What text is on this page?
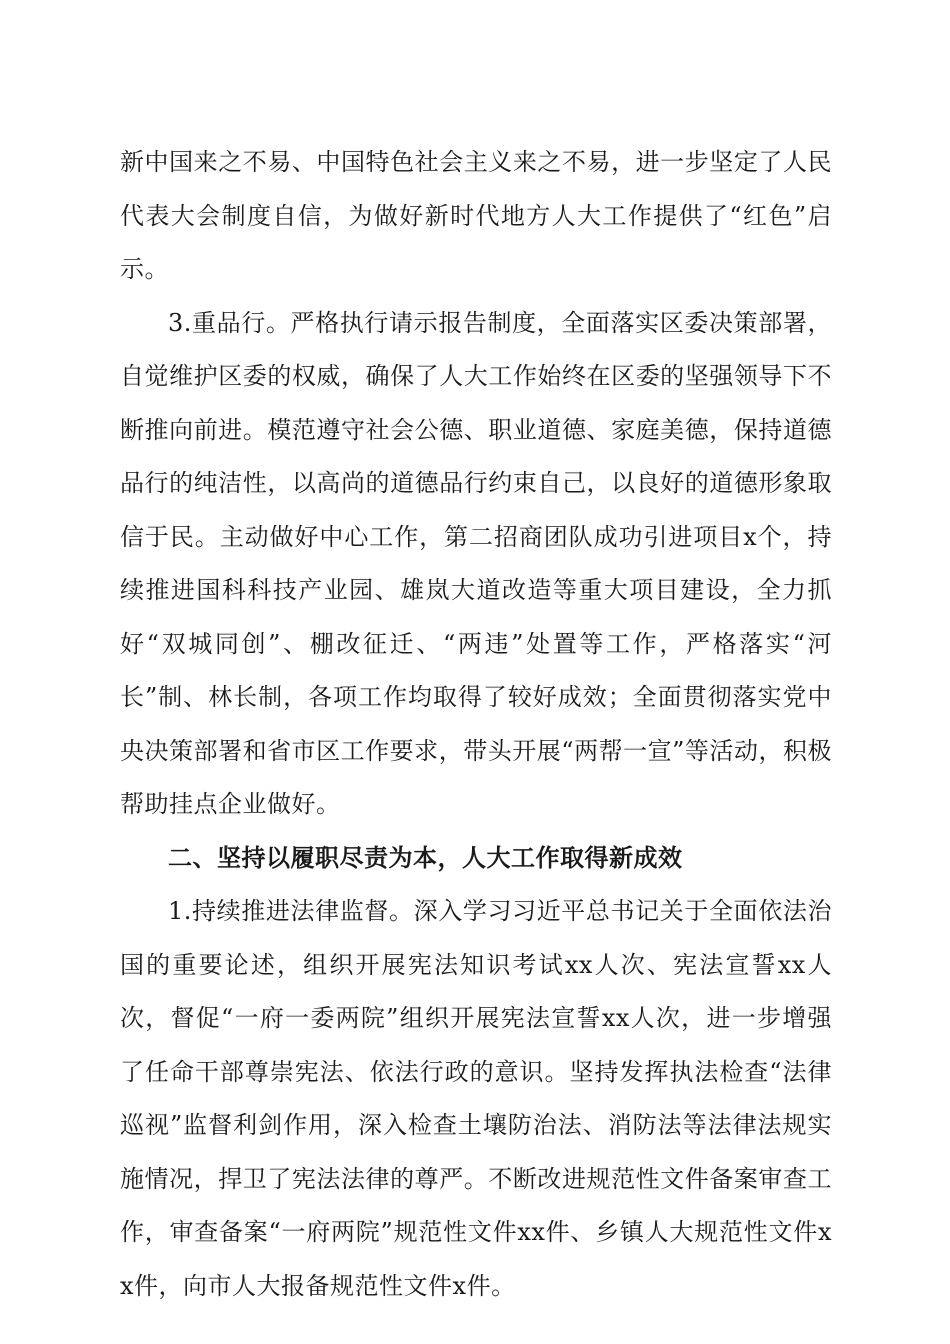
新中国来之不易、中国特色社会主义来之不易，进一步坚定了人民代表大会制度自信，为做好新时代地方人大工作提供了“红色”启示。

3.重品行。严格执行请示报告制度，全面落实区委决策部署，自觉维护区委的权威，确保了人大工作始终在区委的坚强领导下不断推向前进。模范遵守社会公德、职业道德、家庭美德，保持道德品行的纯洁性，以高尚的道德品行约束自己，以良好的道德形象取信于民。主动做好中心工作，第二招商团队成功引进项目x个，持续推进国科科技产业园、雄岚大道改造等重大项目建设，全力抓好“双城同创”、棚改征迁、“两违”处置等工作，严格落实“河长”制、林长制，各项工作均取得了较好成效；全面贯彻落实党中央决策部署和省市区工作要求，带头开展“两帮一宣”等活动，积极帮助挂点企业做好。

二、坚持以履职尽责为本，人大工作取得新成效

1.持续推进法律监督。深入学习习近平总书记关于全面依法治国的重要论述，组织开展宪法知识考试xx人次、宪法宣誓xx人次，督促“一府一委两院”组织开展宪法宣誓xx人次，进一步增强了任命干部尊崇宪法、依法行政的意识。坚持发挥执法检查“法律巡视”监督利剑作用，深入检查土壤防治法、消防法等法律法规实施情况，捍卫了宪法法律的尊严。不断改进规范性文件备案审查工作，审查备案“一府两院”规范性文件xx件、乡镇人大规范性文件xx件，向市人大报备规范性文件x件。
